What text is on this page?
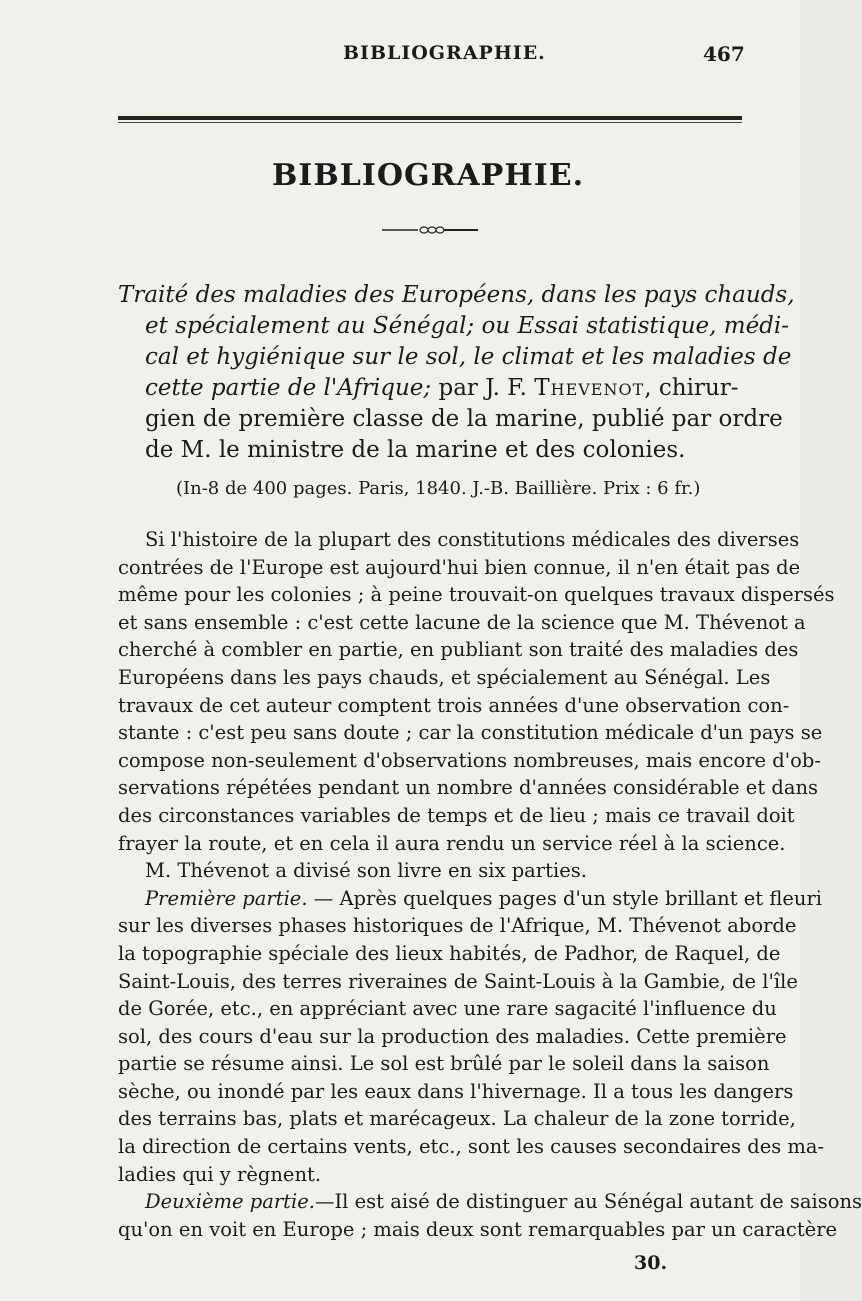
BIBLIOGRAPHIE.	467
BIBLIOGRAPHIE.
Traité des maladies des Européens, dans les pays chauds,
et spécialement au Sénégal; ou Essai statistique, médi-
cal et hygiénique sur le sol, le climat et les maladies de
cette partie de l'Afrique; par J. F. Thevenot, chirur-
gien de première classe de la marine, publié par ordre
de M. le ministre de la marine et des colonies.
(In-8 de 400 pages. Paris, 1840. J.-B. Baillière. Prix : 6 fr.)
Si l'histoire de la plupart des constitutions médicales des diverses
contrées de l'Europe est aujourd'hui bien connue, il n'en était pas de
même pour les colonies ; à peine trouvait-on quelques travaux dispersés
et sans ensemble : c'est cette lacune de la science que M. Thévenot a
cherché à combler en partie, en publiant son traité des maladies des
Européens dans les pays chauds, et spécialement au Sénégal. Les
travaux de cet auteur comptent trois années d'une observation con-
stante : c'est peu sans doute ; car la constitution médicale d'un pays se
compose non-seulement d'observations nombreuses, mais encore d'ob-
servations répétées pendant un nombre d'années considérable et dans
des circonstances variables de temps et de lieu ; mais ce travail doit
frayer la route, et en cela il aura rendu un service réel à la science.
M. Thévenot a divisé son livre en six parties.
Première partie. — Après quelques pages d'un style brillant et fleuri
sur les diverses phases historiques de l'Afrique, M. Thévenot aborde
la topographie spéciale des lieux habités, de Padhor, de Raquel, de
Saint-Louis, des terres riveraines de Saint-Louis à la Gambie, de l'île
de Gorée, etc., en appréciant avec une rare sagacité l'influence du
sol, des cours d'eau sur la production des maladies. Cette première
partie se résume ainsi. Le sol est brûlé par le soleil dans la saison
sèche, ou inondé par les eaux dans l'hivernage. Il a tous les dangers
des terrains bas, plats et marécageux. La chaleur de la zone torride,
la direction de certains vents, etc., sont les causes secondaires des ma-
ladies qui y règnent.
Deuxième partie.—Il est aisé de distinguer au Sénégal autant de saisons
qu'on en voit en Europe ; mais deux sont remarquables par un caractère
30.
